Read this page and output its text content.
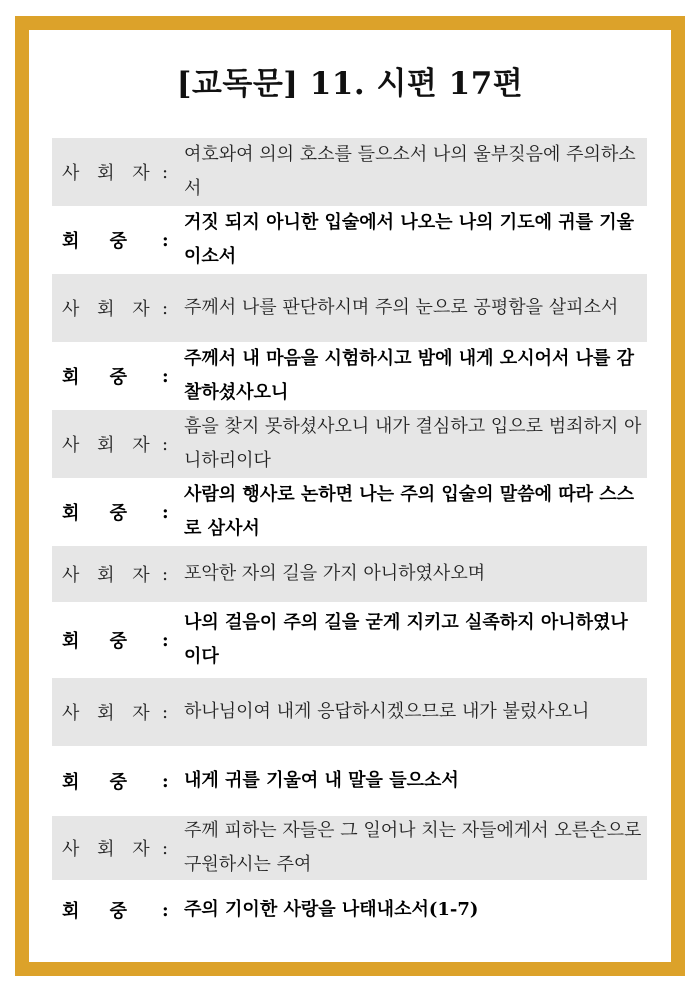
[교독문] 11. 시편 17편
사 회 자 :
여호와여 의의 호소를 들으소서 나의 울부짖음에 주의하소서
회 중	:
거짓 되지 아니한 입술에서 나오는 나의 기도에 귀를 기울이소서
사 회 자 : 주께서 나를 판단하시며 주의 눈으로 공평함을 살피소서
회 중	:
주께서 내 마음을 시험하시고 밤에 내게 오시어서 나를 감찰하셨사오니
사 회 자 :
흠을 찾지 못하셨사오니 내가 결심하고 입으로 범죄하지 아니하리이다
회 중	:
사람의 행사로 논하면 나는 주의 입술의 말씀에 따라 스스로 삼사서
사 회 자 : 포악한 자의 길을 가지 아니하였사오며
회 중	:
나의 걸음이 주의 길을 굳게 지키고 실족하지 아니하였나이다
사 회 자 : 하나님이여 내게 응답하시겠으므로 내가 불렀사오니
회 중	: 내게 귀를 기울여 내 말을 들으소서
사 회 자 :
주께 피하는 자들은 그 일어나 치는 자들에게서 오른손으로 구원하시는 주여
회 중	: 주의 기이한 사랑을 나태내소서(1-7)
